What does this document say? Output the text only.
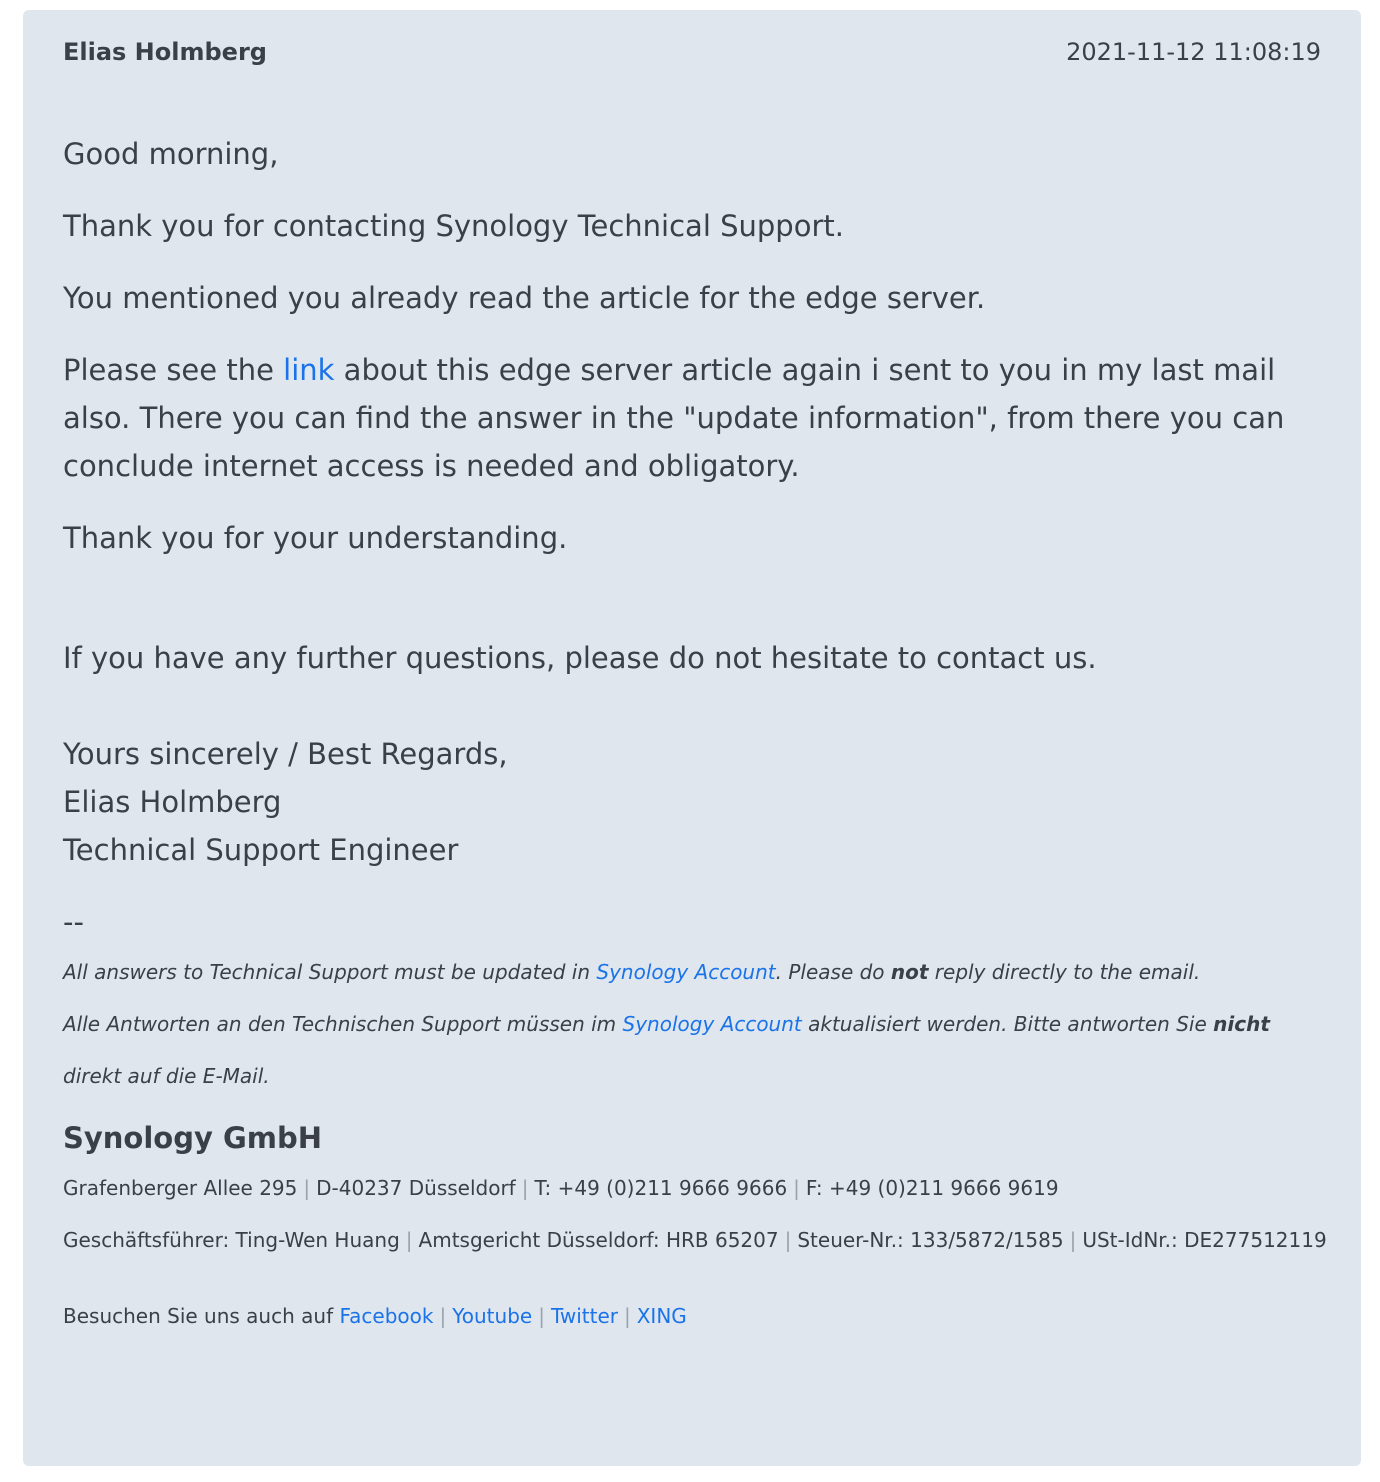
Elias Holmberg	2021-11-12 11:08:19

Good morning,

Thank you for contacting Synology Technical Support.

You mentioned you already read the article for the edge server.

Please see the link about this edge server article again i sent to you in my last mail also. There you can find the answer in the "update information", from there you can conclude internet access is needed and obligatory.

Thank you for your understanding.

If you have any further questions, please do not hesitate to contact us.

Yours sincerely / Best Regards,

Elias Holmberg

Technical Support Engineer

--

All answers to Technical Support must be updated in Synology Account. Please do not reply directly to the email.

Alle Antworten an den Technischen Support müssen im Synology Account aktualisiert werden. Bitte antworten Sie nicht direkt auf die E-Mail.

Synology GmbH

Grafenberger Allee 295 | D-40237 Düsseldorf | T: +49 (0)211 9666 9666 | F: +49 (0)211 9666 9619

Geschäftsführer: Ting-Wen Huang | Amtsgericht Düsseldorf: HRB 65207 | Steuer-Nr.: 133/5872/1585 | USt-IdNr.: DE277512119

Besuchen Sie uns auch auf Facebook | Youtube | Twitter | XING
